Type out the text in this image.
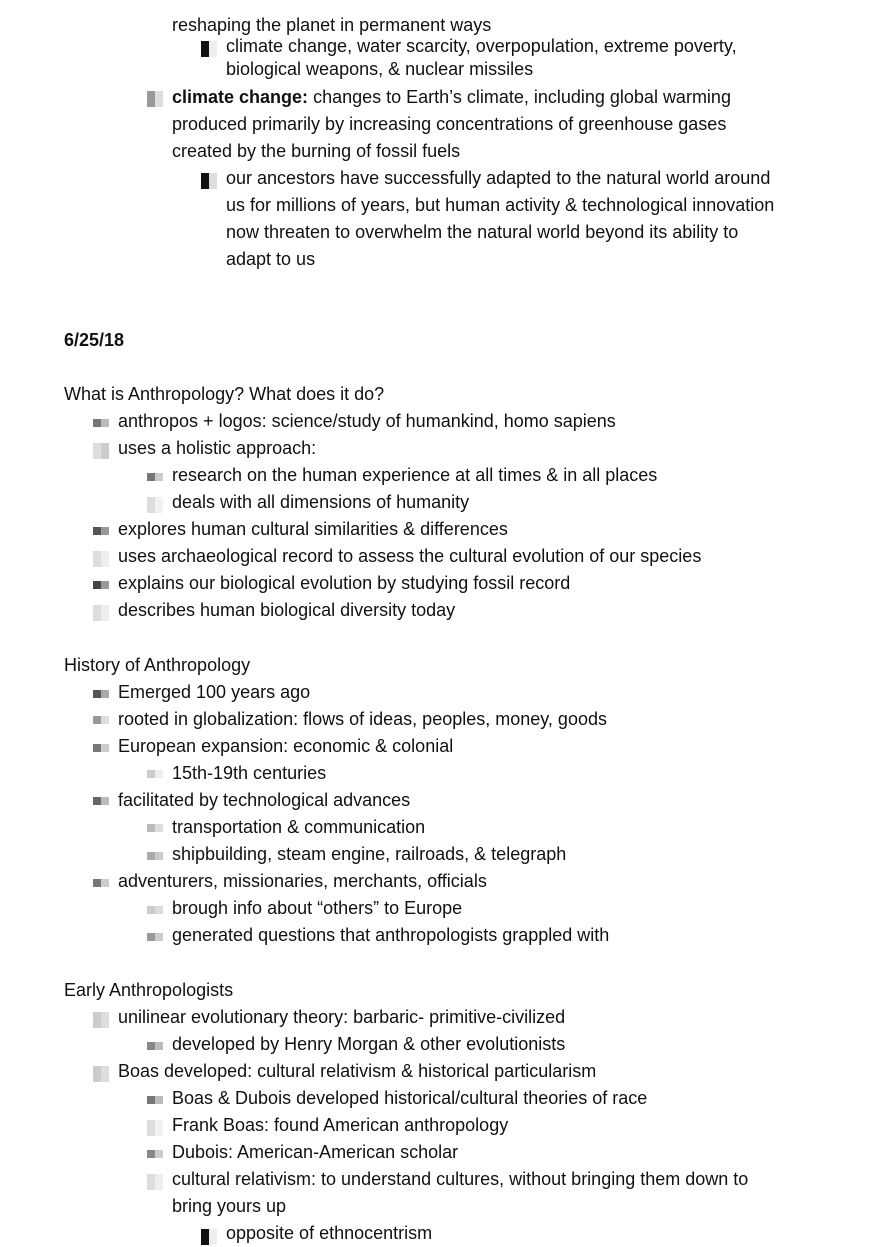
reshaping the planet in permanent ways
climate change, water scarcity, overpopulation, extreme poverty,
biological weapons, & nuclear missiles
climate change: changes to Earth’s climate, including global warming
produced primarily by increasing concentrations of greenhouse gases
created by the burning of fossil fuels
our ancestors have successfully adapted to the natural world around
us for millions of years, but human activity & technological innovation
now threaten to overwhelm the natural world beyond its ability to
adapt to us
6/25/18
What is Anthropology? What does it do?
anthropos + logos: science/study of humankind, homo sapiens
uses a holistic approach:
research on the human experience at all times & in all places
deals with all dimensions of humanity
explores human cultural similarities & differences
uses archaeological record to assess the cultural evolution of our species
explains our biological evolution by studying fossil record
describes human biological diversity today
History of Anthropology
Emerged 100 years ago
rooted in globalization: flows of ideas, peoples, money, goods
European expansion: economic & colonial
15th-19th centuries
facilitated by technological advances
transportation & communication
shipbuilding, steam engine, railroads, & telegraph
adventurers, missionaries, merchants, officials
brough info about “others” to Europe
generated questions that anthropologists grappled with
Early Anthropologists
unilinear evolutionary theory: barbaric- primitive-civilized
developed by Henry Morgan & other evolutionists
Boas developed: cultural relativism & historical particularism
Boas & Dubois developed historical/cultural theories of race
Frank Boas: found American anthropology
Dubois: American-American scholar
cultural relativism: to understand cultures, without bringing them down to
bring yours up
opposite of ethnocentrism
